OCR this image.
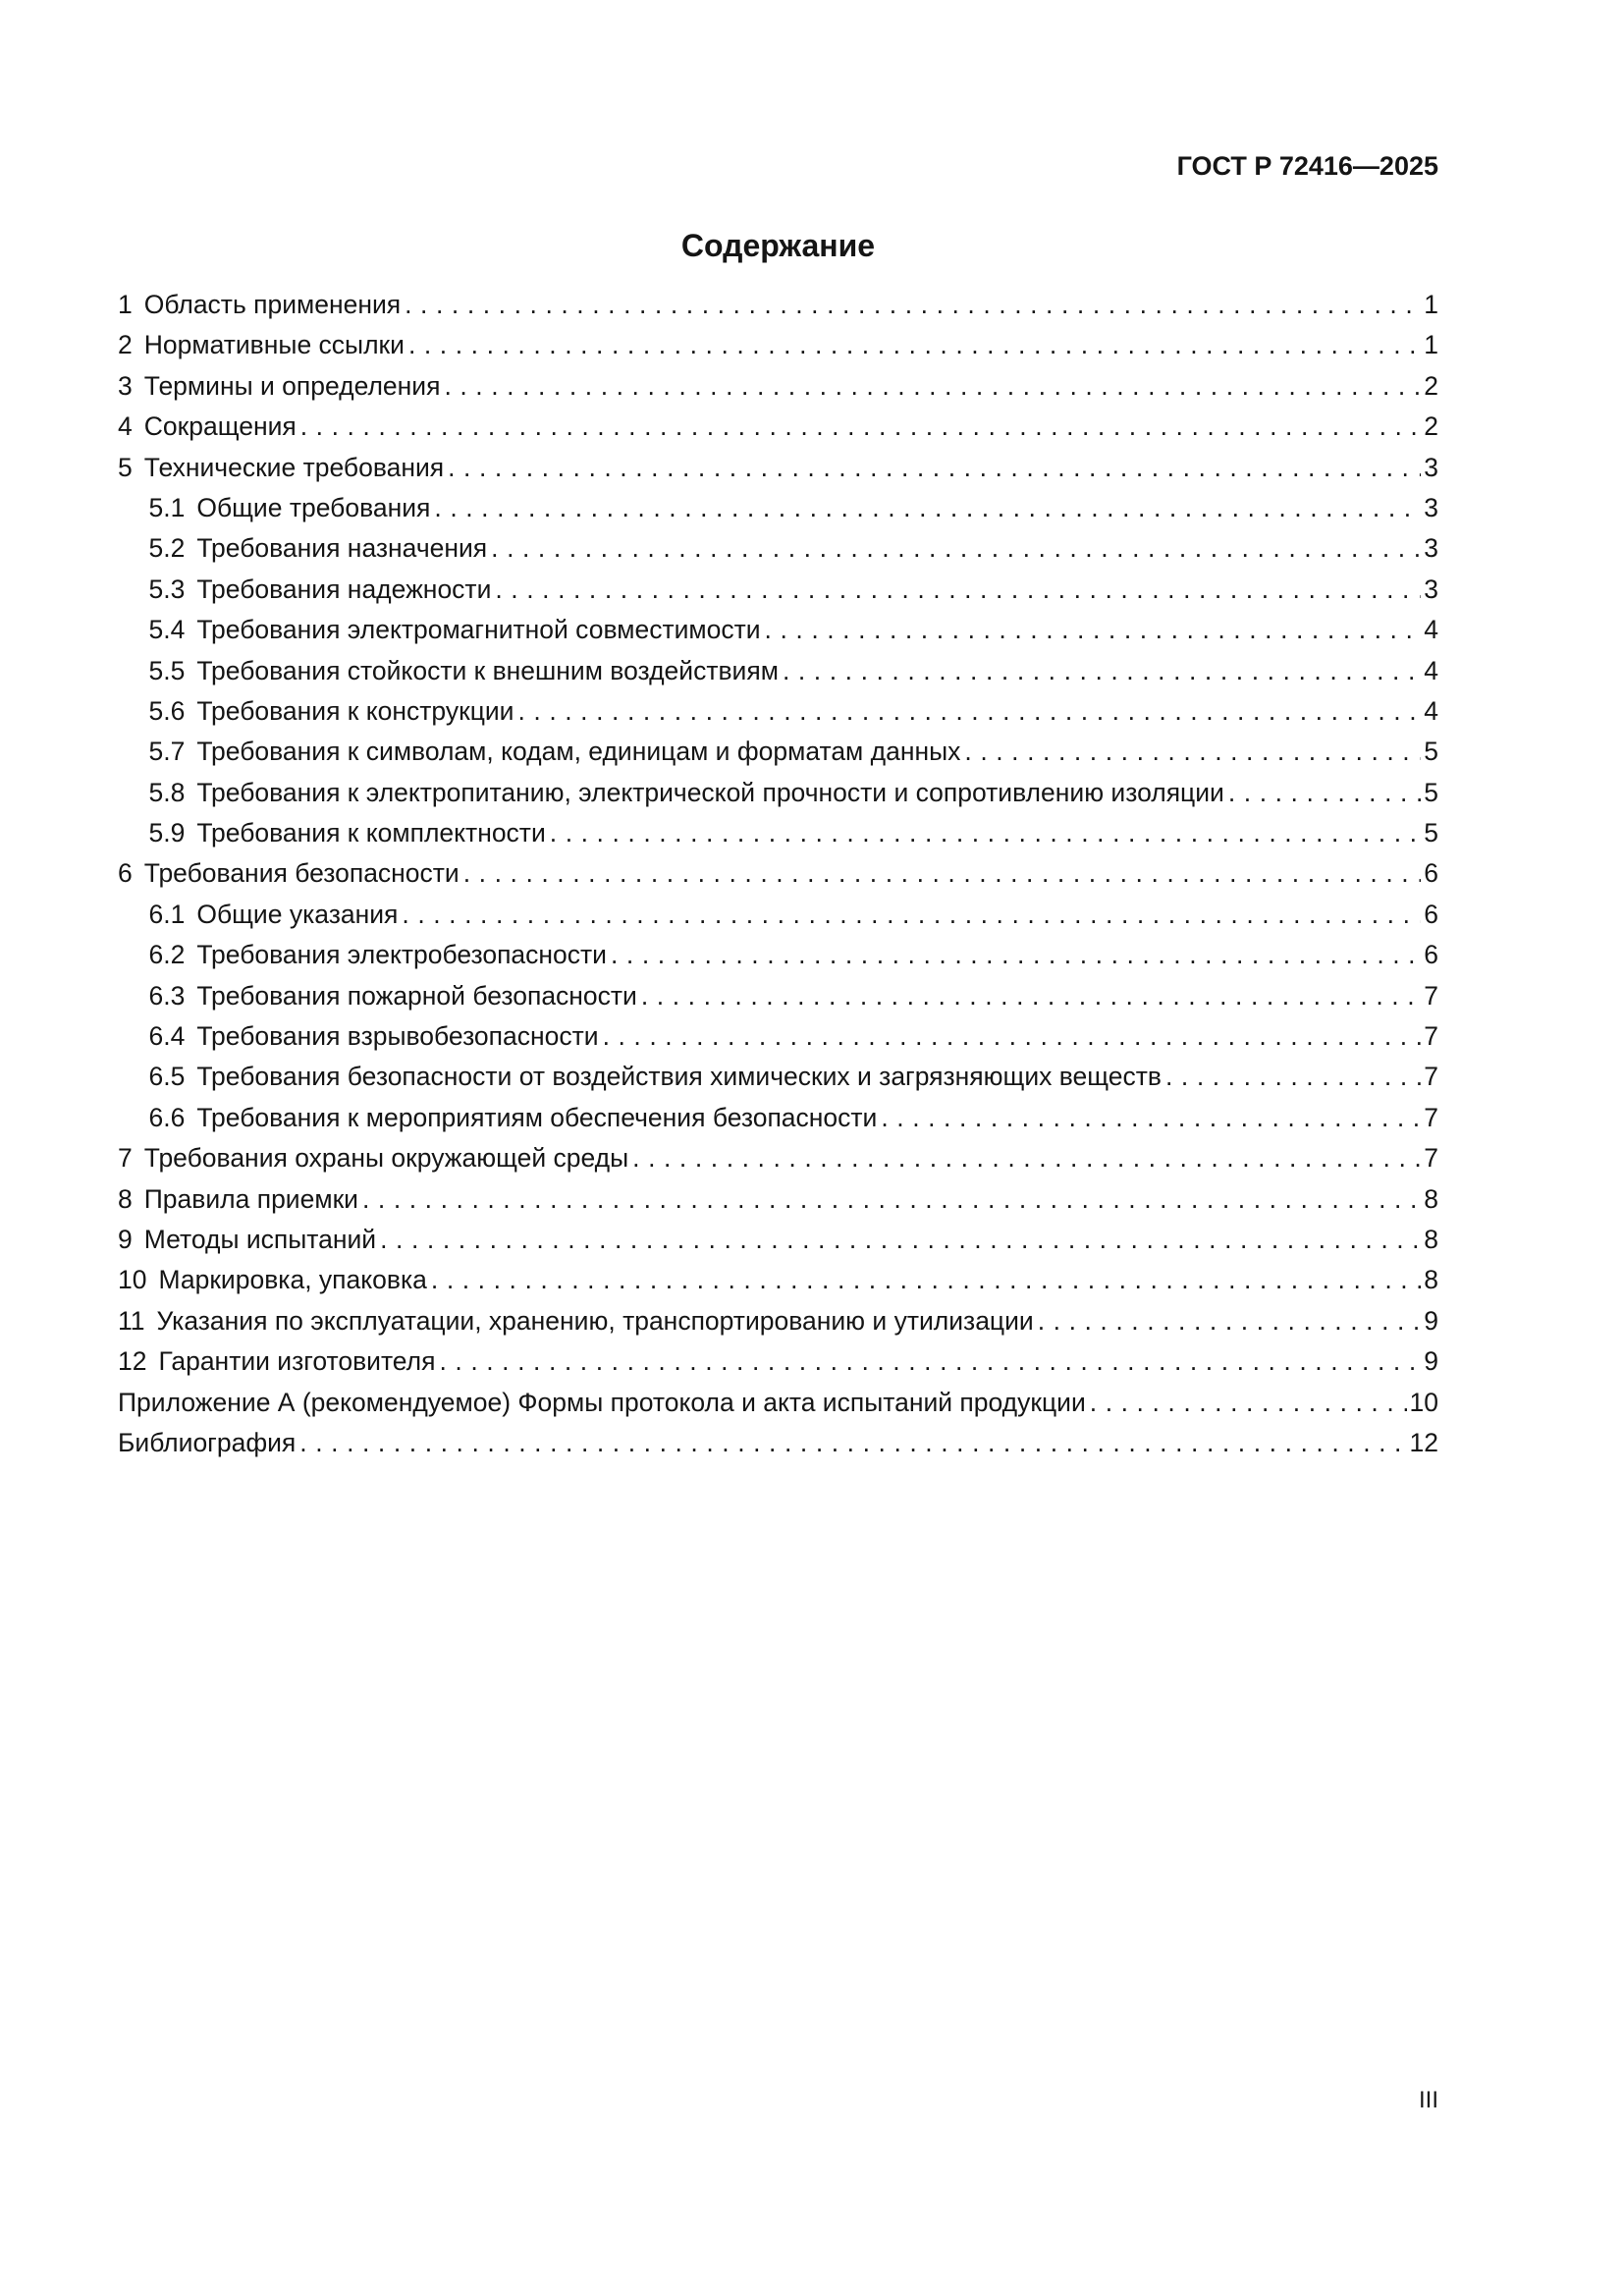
ГОСТ Р 72416—2025
Содержание
1 Область применения . . .	1
2 Нормативные ссылки . . .	1
3 Термины и определения . . .	2
4 Сокращения . . .	2
5 Технические требования . . .	3
5.1 Общие требования . . .	3
5.2 Требования назначения . . .	3
5.3 Требования надежности . . .	3
5.4 Требования электромагнитной совместимости . . .	4
5.5 Требования стойкости к внешним воздействиям . . .	4
5.6 Требования к конструкции . . .	4
5.7 Требования к символам, кодам, единицам и форматам данных . . .	5
5.8 Требования к электропитанию, электрической прочности и сопротивлению изоляции . . .	5
5.9 Требования к комплектности . . .	5
6 Требования безопасности . . .	6
6.1 Общие указания . . .	6
6.2 Требования электробезопасности . . .	6
6.3 Требования пожарной безопасности . . .	7
6.4 Требования взрывобезопасности . . .	7
6.5 Требования безопасности от воздействия химических и загрязняющих веществ . . .	7
6.6 Требования к мероприятиям обеспечения безопасности . . .	7
7 Требования охраны окружающей среды . . .	7
8 Правила приемки . . .	8
9 Методы испытаний . . .	8
10 Маркировка, упаковка . . .	8
11 Указания по эксплуатации, хранению, транспортированию и утилизации . . .	9
12 Гарантии изготовителя . . .	9
Приложение А (рекомендуемое) Формы протокола и акта испытаний продукции . . .	10
Библиография . . .	12
III
